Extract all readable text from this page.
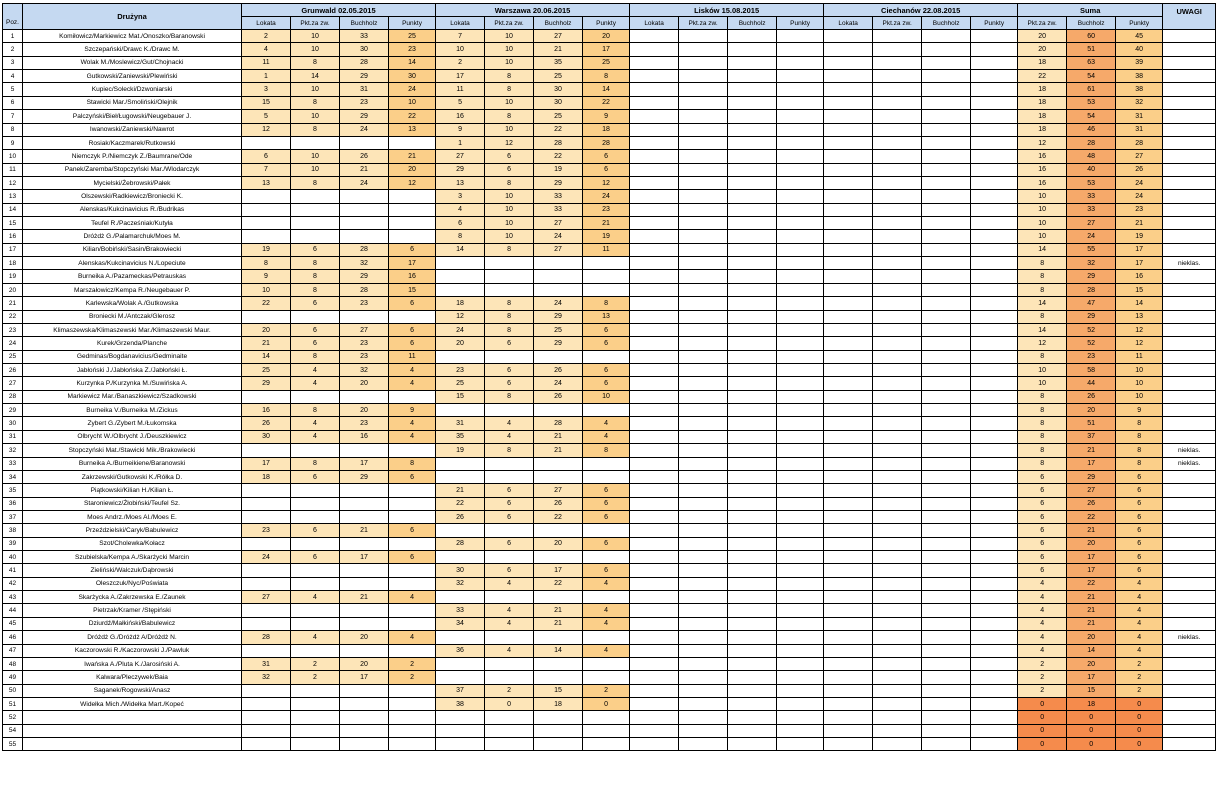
Poz.	Drużyna	Grunwald 02.05.2015				Warszawa 20.06.2015				Lisków 15.08.2015				Ciechanów 22.08.2015				Suma			UWAGI

		Lokata	Pkt.za zw.	Buchholz	Punkty	Lokata	Pkt.za zw.	Buchholz	Punkty	Lokata	Pkt.za zw.	Buchholz	Punkty	Lokata	Pkt.za zw.	Buchholz	Punkty	Pkt.za zw.	Buchholz	Punkty	
1	Komiłowicz/Markiewicz Mat./Onoszko/Baranowski	2	10	33	25	7	10	27	20									20	60	45	
2	Szczepański/Drawc K./Drawc M.	4	10	30	23	10	10	21	17									20	51	40	
3	Wolak M./Moslewicz/Gut/Chojnacki	11	8	28	14	2	10	35	25									18	63	39	
4	Gutkowski/Zaniewski/Plewiński	1	14	29	30	17	8	25	8									22	54	38	
5	Kupiec/Solecki/Dzwoniarski	3	10	31	24	11	8	30	14									18	61	38	
6	Stawicki Mar./Smoliński/Olejnik	15	8	23	10	5	10	30	22									18	53	32	
7	Palczyński/Bieł/Ługowski/Neugebauer J.	5	10	29	22	16	8	25	9									18	54	31	
8	Iwanowski/Zaniewski/Nawrot	12	8	24	13	9	10	22	18									18	46	31	
9	Rosiak/Kaczmarek/Rutkowski					1	12	28	28									12	28	28	
10	Niemczyk P./Niemczyk Z./Baumrane/Ode	6	10	26	21	27	6	22	6									16	48	27	
11	Panek/Zaremba/Stopczyński Mar./Wlodarczyk	7	10	21	20	29	6	19	6									16	40	26	
12	Mycielski/Żebrowski/Pałek	13	8	24	12	13	8	29	12									16	53	24	
13	Olszewski/Radkiewicz/Broniecki K.					3	10	33	24									10	33	24	
14	Alenskas/Kukcinavicius R./Budrikas					4	10	33	23									10	33	23	
15	Teufel R./Pacześniak/Kutyła					6	10	27	21									10	27	21	
16	Dróżdż G./Palamarchuk/Moes M.					8	10	24	19									10	24	19	
17	Kilian/Bobiński/Sasin/Brakowiecki	19	6	28	6	14	8	27	11									14	55	17	
18	Alenskas/Kukcinavicius N./Lopeciute	8	8	32	17													8	32	17	nieklas.
19	Burneika A./Pazameckas/Petrauskas	9	8	29	16													8	29	16	
20	Marszałowicz/Kempa R./Neugebauer P.	10	8	28	15													8	28	15	
21	Karlewska/Wolak A./Gutkowska	22	6	23	6	18	8	24	8									14	47	14	
22	Broniecki M./Antczak/Glerosz					12	8	29	13									8	29	13	
23	Klimaszewska/Klimaszewski Mar./Klimaszewski Maur.	20	6	27	6	24	8	25	6									14	52	12	
24	Kurek/Grzenda/Planche	21	6	23	6	20	6	29	6									12	52	12	
25	Gedminas/Bogdanavicius/Gedminaite	14	8	23	11													8	23	11	
26	Jabłoński J./Jabłońska Z./Jabłoński Ł.	25	4	32	4	23	6	26	6									10	58	10	
27	Kurzynka P./Kurzynka M./Suwińska A.	29	4	20	4	25	6	24	6									10	44	10	
28	Markiewicz Mar./Banaszkiewicz/Szadkowski					15	8	26	10									8	26	10	
29	Burneika V./Burneika M./Zickus	16	8	20	9													8	20	9	
30	Zybert G./Zybert M./Łukomska	26	4	23	4	31	4	28	4									8	51	8	
31	Olbrycht W./Olbrycht J./Deuszkiewicz	30	4	16	4	35	4	21	4									8	37	8	
32	Stopczyński Mat./Stawicki Mik./Brakowiecki					19	8	21	8									8	21	8	nieklas.
33	Burneika A./Burneikiene/Baranowski	17	8	17	8													8	17	8	nieklas.
34	Zakrzewski/Gutkowski K./Rółka D.	18	6	29	6													6	29	6	
35	Piątkowski/Kilian H./Kilian Ł.					21	6	27	6									6	27	6	
36	Staroniewicz/Żłobiński/Teufel Sz.					22	6	26	6									6	26	6	
37	Moes Andrz./Moes Al./Moes E.					26	6	22	6									6	22	6	
38	Przeździelski/Caryk/Babulewicz	23	6	21	6													6	21	6	
39	Szot/Cholewka/Kołacz					28	6	20	6									6	20	6	
40	Szubielska/Kempa A./Skarżycki Marcin	24	6	17	6													6	17	6	
41	Zieliński/Walczuk/Dąbrowski					30	6	17	6									6	17	6	
42	Oleszczuk/Nyc/Poświata					32	4	22	4									4	22	4	
43	Skarżycka A./Zakrzewska E./Zaunek	27	4	21	4													4	21	4	
44	Pietrzak/Kramer /Stępiński					33	4	21	4									4	21	4	
45	Dziurdź/Małkiński/Babulewicz					34	4	21	4									4	21	4	
46	Dróżdż G./Dróżdż A/Dróżdż N.	28	4	20	4													4	20	4	nieklas.
47	Kaczorowski R./Kaczorowski J./Pawluk					36	4	14	4									4	14	4	
48	Iwańska A./Pluta K./Jarosiński A.	31	2	20	2													2	20	2	
49	Kalwara/Pleczywek/Baia	32	2	17	2													2	17	2	
50	Saganek/Rogowski/Anasz					37	2	15	2									2	15	2	
51	Widełka Mich./Widełka Mart./Kopeć					38	0	18	0									0	18	0	
52																		0	0	0	
54																		0	0	0	
55																		0	0	0	
